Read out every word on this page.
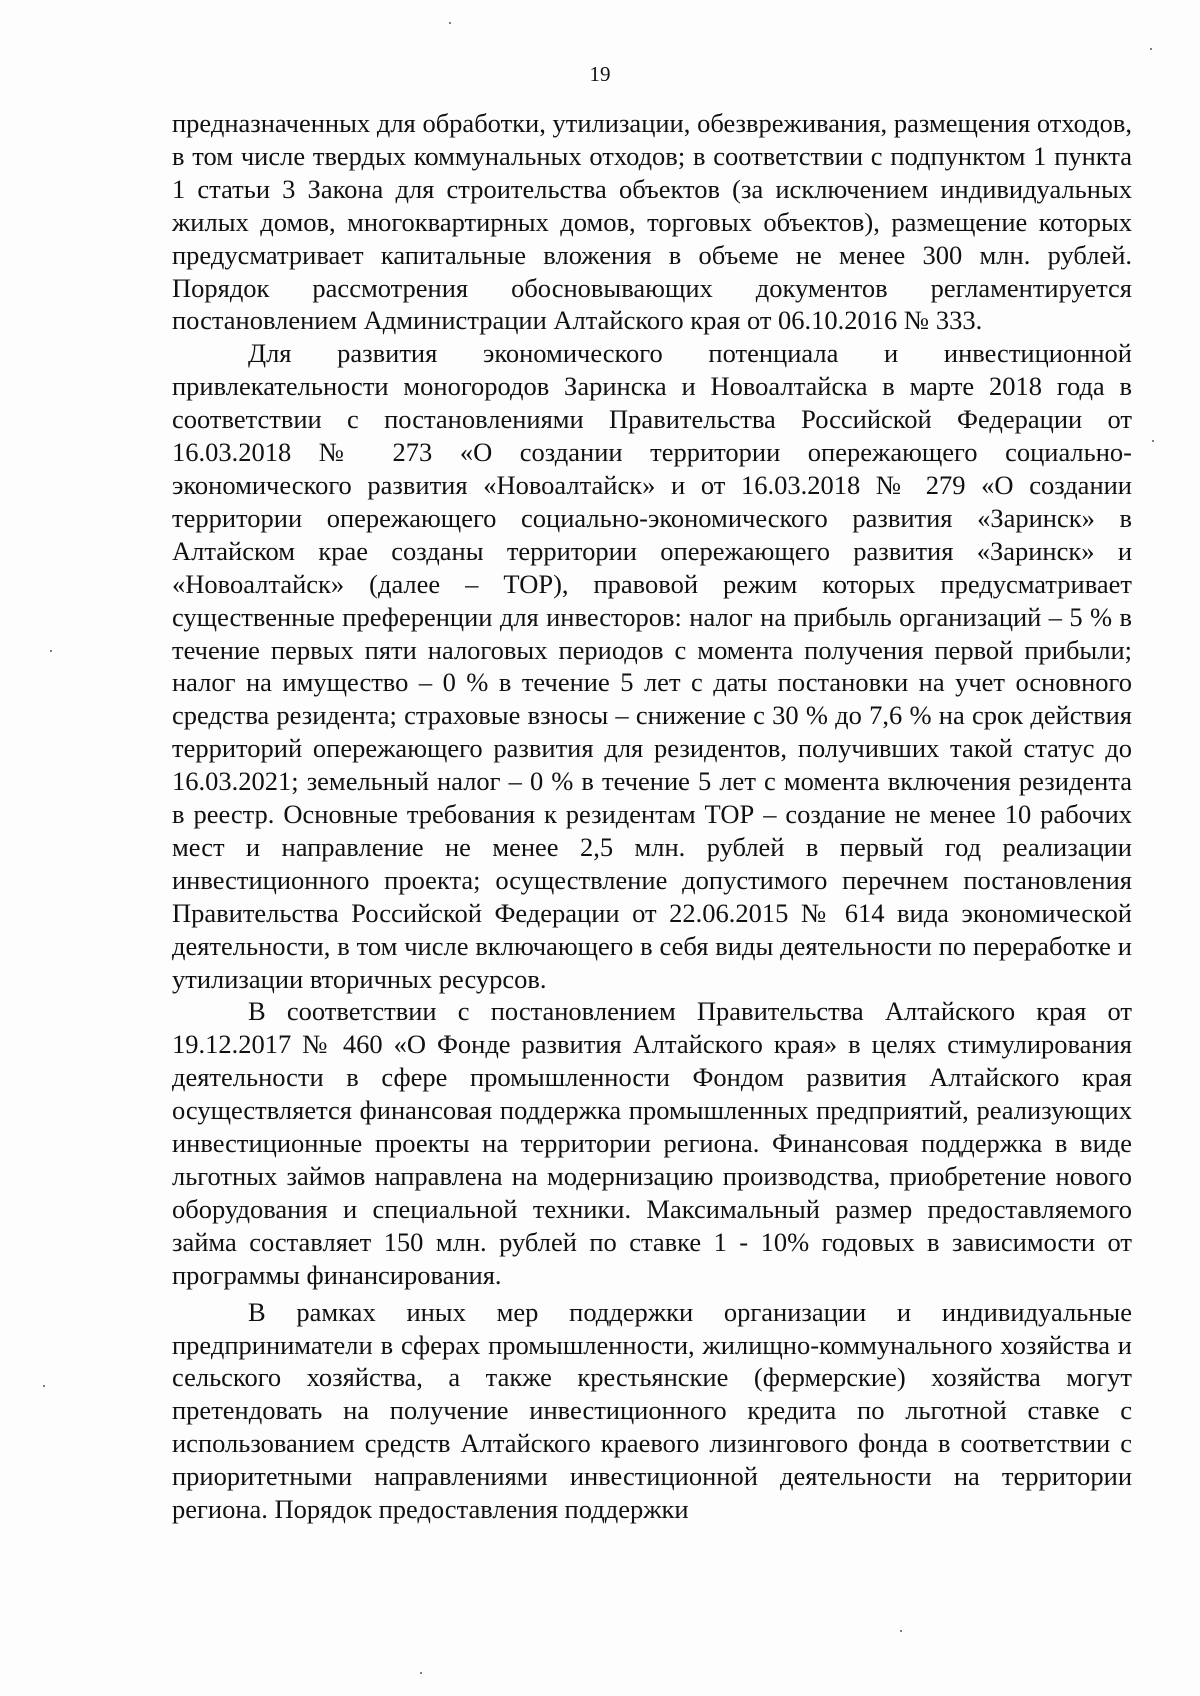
19

предназначенных для обработки, утилизации, обезвреживания, размещения отходов, в том числе твердых коммунальных отходов; в соответствии с подпунктом 1 пункта 1 статьи 3 Закона для строительства объектов (за исключением индивидуальных жилых домов, многоквартирных домов, торговых объектов), размещение которых предусматривает капитальные вложения в объеме не менее 300 млн. рублей. Порядок рассмотрения обосновывающих документов регламентируется постановлением Администрации Алтайского края от 06.10.2016 № 333.

Для развития экономического потенциала и инвестиционной привлекательности моногородов Заринска и Новоалтайска в марте 2018 года в соответствии с постановлениями Правительства Российской Федерации от 16.03.2018 № 273 «О создании территории опережающего социально-экономического развития «Новоалтайск» и от 16.03.2018 № 279 «О создании территории опережающего социально-экономического развития «Заринск» в Алтайском крае созданы территории опережающего развития «Заринск» и «Новоалтайск» (далее – ТОР), правовой режим которых предусматривает существенные преференции для инвесторов: налог на прибыль организаций – 5 % в течение первых пяти налоговых периодов с момента получения первой прибыли; налог на имущество – 0 % в течение 5 лет с даты постановки на учет основного средства резидента; страховые взносы – снижение с 30 % до 7,6 % на срок действия территорий опережающего развития для резидентов, получивших такой статус до 16.03.2021; земельный налог – 0 % в течение 5 лет с момента включения резидента в реестр. Основные требования к резидентам ТОР – создание не менее 10 рабочих мест и направление не менее 2,5 млн. рублей в первый год реализации инвестиционного проекта; осуществление допустимого перечнем постановления Правительства Российской Федерации от 22.06.2015 № 614 вида экономической деятельности, в том числе включающего в себя виды деятельности по переработке и утилизации вторичных ресурсов.

В соответствии с постановлением Правительства Алтайского края от 19.12.2017 № 460 «О Фонде развития Алтайского края» в целях стимулирования деятельности в сфере промышленности Фондом развития Алтайского края осуществляется финансовая поддержка промышленных предприятий, реализующих инвестиционные проекты на территории региона. Финансовая поддержка в виде льготных займов направлена на модернизацию производства, приобретение нового оборудования и специальной техники. Максимальный размер предоставляемого займа составляет 150 млн. рублей по ставке 1 - 10% годовых в зависимости от программы финансирования.

В рамках иных мер поддержки организации и индивидуальные предприниматели в сферах промышленности, жилищно-коммунального хозяйства и сельского хозяйства, а также крестьянские (фермерские) хозяйства могут претендовать на получение инвестиционного кредита по льготной ставке с использованием средств Алтайского краевого лизингового фонда в соответствии с приоритетными направлениями инвестиционной деятельности на территории региона. Порядок предоставления поддержки
